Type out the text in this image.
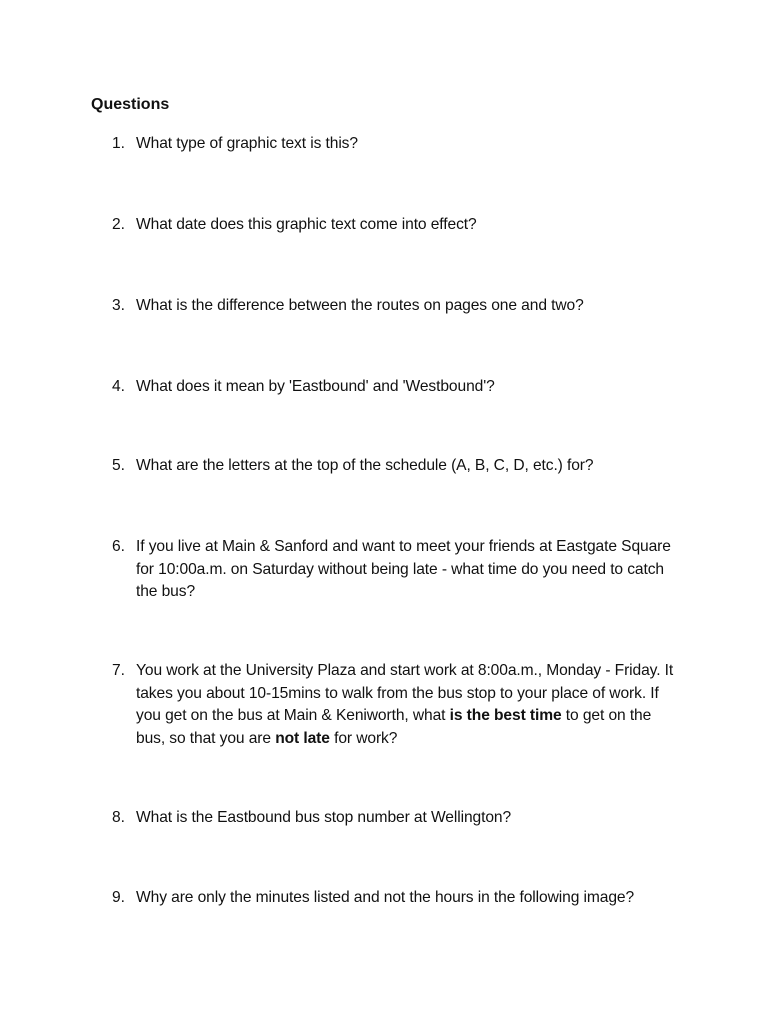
Questions
1. What type of graphic text is this?
2. What date does this graphic text come into effect?
3. What is the difference between the routes on pages one and two?
4. What does it mean by 'Eastbound' and 'Westbound'?
5. What are the letters at the top of the schedule (A, B, C, D, etc.) for?
6. If you live at Main & Sanford and want to meet your friends at Eastgate Square for 10:00a.m. on Saturday without being late - what time do you need to catch the bus?
7. You work at the University Plaza and start work at 8:00a.m., Monday - Friday. It takes you about 10-15mins to walk from the bus stop to your place of work. If you get on the bus at Main & Keniworth, what is the best time to get on the bus, so that you are not late for work?
8. What is the Eastbound bus stop number at Wellington?
9. Why are only the minutes listed and not the hours in the following image?
